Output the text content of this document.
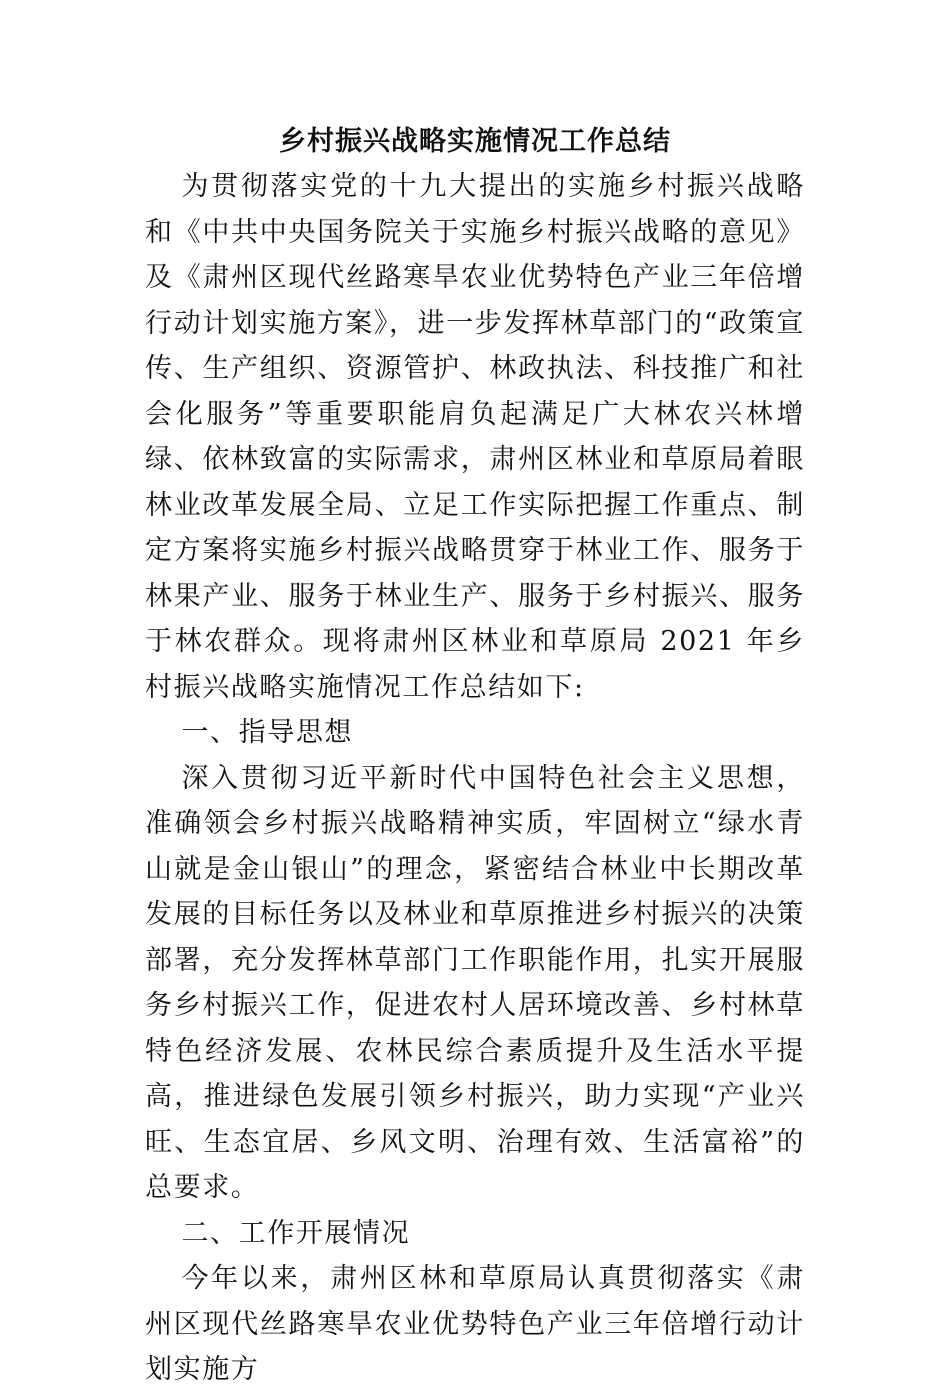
乡村振兴战略实施情况工作总结

为贯彻落实党的十九大提出的实施乡村振兴战略和《中共中央国务院关于实施乡村振兴战略的意见》及《肃州区现代丝路寒旱农业优势特色产业三年倍增行动计划实施方案》，进一步发挥林草部门的“政策宣传、生产组织、资源管护、林政执法、科技推广和社会化服务”等重要职能肩负起满足广大林农兴林增绿、依林致富的实际需求，肃州区林业和草原局着眼林业改革发展全局、立足工作实际把握工作重点、制定方案将实施乡村振兴战略贯穿于林业工作、服务于林果产业、服务于林业生产、服务于乡村振兴、服务于林农群众。现将肃州区林业和草原局 2021 年乡村振兴战略实施情况工作总结如下:

一、指导思想

深入贯彻习近平新时代中国特色社会主义思想，准确领会乡村振兴战略精神实质，牢固树立“绿水青山就是金山银山”的理念，紧密结合林业中长期改革发展的目标任务以及林业和草原推进乡村振兴的决策部署，充分发挥林草部门工作职能作用，扎实开展服务乡村振兴工作，促进农村人居环境改善、乡村林草特色经济发展、农林民综合素质提升及生活水平提高，推进绿色发展引领乡村振兴，助力实现“产业兴旺、生态宜居、乡风文明、治理有效、生活富裕”的总要求。

二、工作开展情况

今年以来，肃州区林和草原局认真贯彻落实《肃州区现代丝路寒旱农业优势特色产业三年倍增行动计划实施方
